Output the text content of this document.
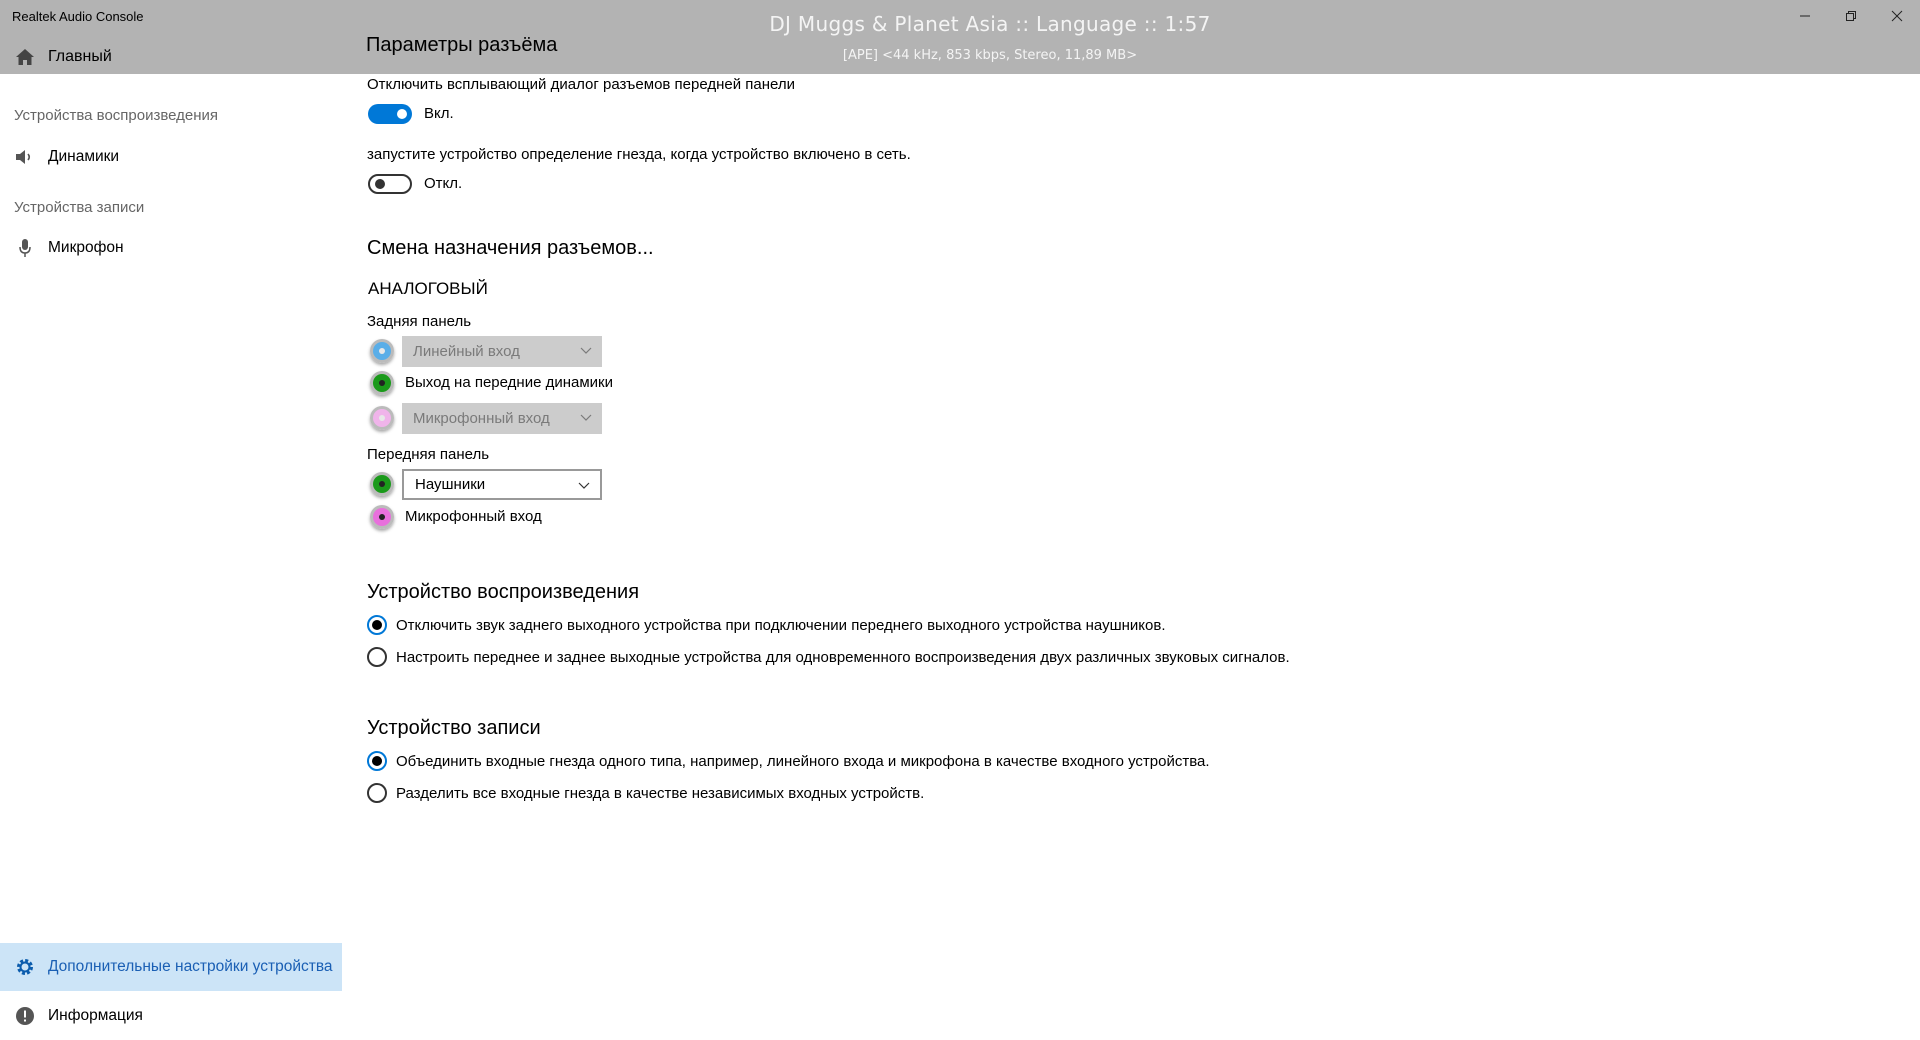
Realtek Audio Console	DJ Muggs & Planet Asia :: Language :: 1:57
[APE] <44 kHz, 853 kbps, Stereo, 11,89 MB>
Главный
Параметры разъёма
Устройства воспроизведения
Динамики
Устройства записи
Микрофон
Дополнительные настройки устройства
Информация
Отключить всплывающий диалог разъемов передней панели
Вкл.
запустите устройство определение гнезда, когда устройство включено в сеть.
Откл.
Смена назначения разъемов...
АНАЛОГОВЫЙ
Задняя панель
Линейный вход
Выход на передние динамики
Микрофонный вход
Передняя панель
Наушники
Микрофонный вход
Устройство воспроизведения
Отключить звук заднего выходного устройства при подключении переднего выходного устройства наушников.
Настроить переднее и заднее выходные устройства для одновременного воспроизведения двух различных звуковых сигналов.
Устройство записи
Объединить входные гнезда одного типа, например, линейного входа и микрофона в качестве входного устройства.
Разделить все входные гнезда в качестве независимых входных устройств.
